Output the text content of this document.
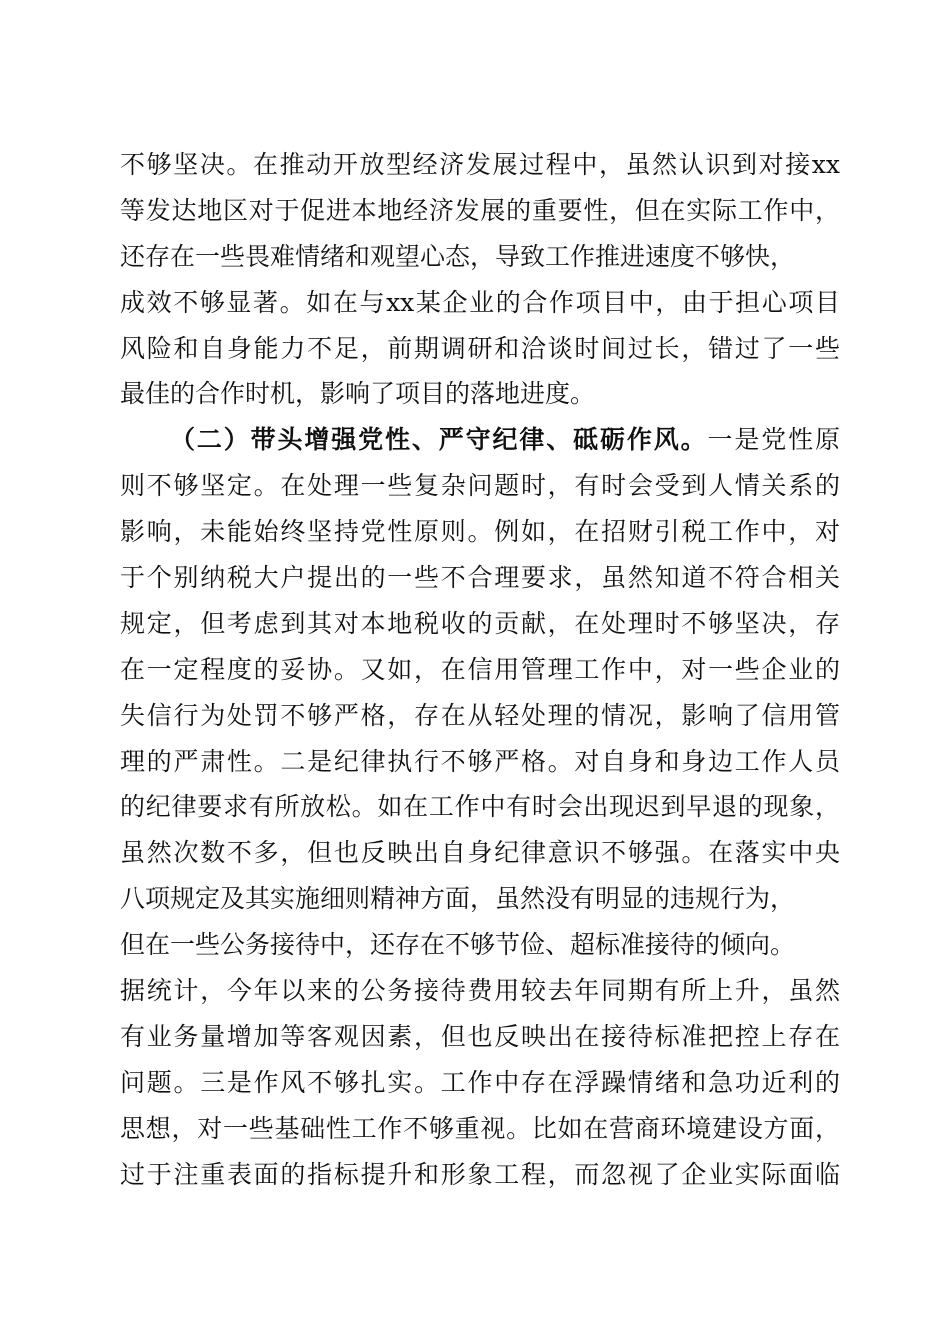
不够坚决。在推动开放型经济发展过程中，虽然认识到对接xx
等发达地区对于促进本地经济发展的重要性，但在实际工作中，
还存在一些畏难情绪和观望心态，导致工作推进速度不够快，
成效不够显著。如在与xx某企业的合作项目中，由于担心项目
风险和自身能力不足，前期调研和洽谈时间过长，错过了一些
最佳的合作时机，影响了项目的落地进度。
（二）带头增强党性、严守纪律、砥砺作风。一是党性原
则不够坚定。在处理一些复杂问题时，有时会受到人情关系的
影响，未能始终坚持党性原则。例如，在招财引税工作中，对
于个别纳税大户提出的一些不合理要求，虽然知道不符合相关
规定，但考虑到其对本地税收的贡献，在处理时不够坚决，存
在一定程度的妥协。又如，在信用管理工作中，对一些企业的
失信行为处罚不够严格，存在从轻处理的情况，影响了信用管
理的严肃性。二是纪律执行不够严格。对自身和身边工作人员
的纪律要求有所放松。如在工作中有时会出现迟到早退的现象，
虽然次数不多，但也反映出自身纪律意识不够强。在落实中央
八项规定及其实施细则精神方面，虽然没有明显的违规行为，
但在一些公务接待中，还存在不够节俭、超标准接待的倾向。
据统计，今年以来的公务接待费用较去年同期有所上升，虽然
有业务量增加等客观因素，但也反映出在接待标准把控上存在
问题。三是作风不够扎实。工作中存在浮躁情绪和急功近利的
思想，对一些基础性工作不够重视。比如在营商环境建设方面，
过于注重表面的指标提升和形象工程，而忽视了企业实际面临
